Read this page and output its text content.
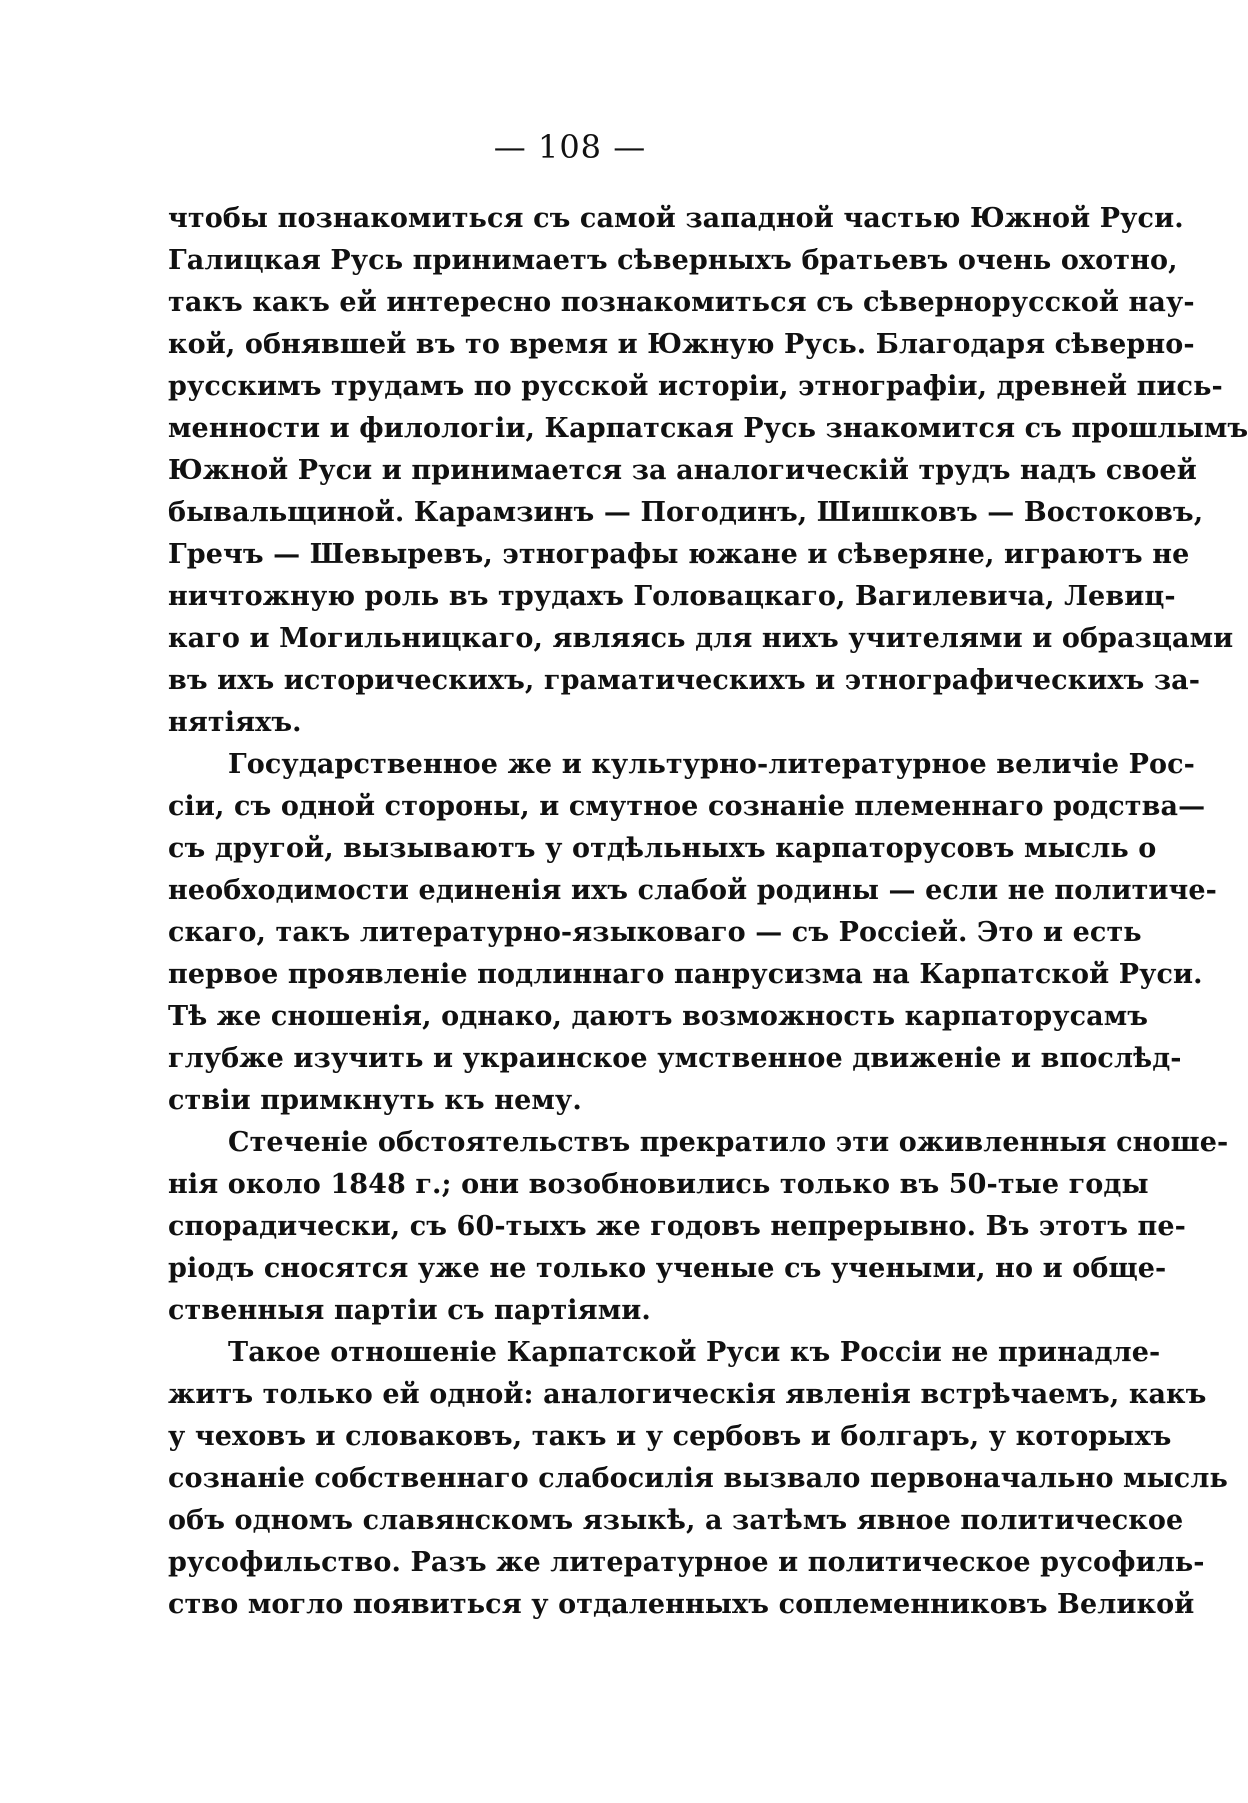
— 108 —
чтобы познакомиться съ самой западной частью Южной Руси.
Галицкая Русь принимаетъ сѣверныхъ братьевъ очень охотно,
такъ какъ ей интересно познакомиться съ сѣвернорусской нау-
кой, обнявшей въ то время и Южную Русь. Благодаря сѣверно-
русскимъ трудамъ по русской исторіи, этнографіи, древней пись-
менности и филологіи, Карпатская Русь знакомится съ прошлымъ
Южной Руси и принимается за аналогическій трудъ надъ своей
бывальщиной. Карамзинъ — Погодинъ, Шишковъ — Востоковъ,
Гречъ — Шевыревъ, этнографы южане и сѣверяне, играютъ не
ничтожную роль въ трудахъ Головацкаго, Вагилевича, Левиц-
каго и Могильницкаго, являясь для нихъ учителями и образцами
въ ихъ историческихъ, граматическихъ и этнографическихъ за-
нятіяхъ.
Государственное же и культурно-литературное величіе Рос-
сіи, съ одной стороны, и смутное сознаніе племеннаго родства—
съ другой, вызываютъ у отдѣльныхъ карпаторусовъ мысль о
необходимости единенія ихъ слабой родины — если не политиче-
скаго, такъ литературно-языковаго — съ Россіей. Это и есть
первое проявленіе подлиннаго панрусизма на Карпатской Руси.
Тѣ же сношенія, однако, даютъ возможность карпаторусамъ
глубже изучить и украинское умственное движеніе и впослѣд-
ствіи примкнуть къ нему.
Стеченіе обстоятельствъ прекратило эти оживленныя сноше-
нія около 1848 г.; они возобновились только въ 50-тые годы
спорадически, съ 60-тыхъ же годовъ непрерывно. Въ этотъ пе-
ріодъ сносятся уже не только ученые съ учеными, но и обще-
ственныя партіи съ партіями.
Такое отношеніе Карпатской Руси къ Россіи не принадле-
житъ только ей одной: аналогическія явленія встрѣчаемъ, какъ
у чеховъ и словаковъ, такъ и у сербовъ и болгаръ, у которыхъ
сознаніе собственнаго слабосилія вызвало первоначально мысль
объ одномъ славянскомъ языкѣ, а затѣмъ явное политическое
русофильство. Разъ же литературное и политическое русофиль-
ство могло появиться у отдаленныхъ соплеменниковъ Великой
